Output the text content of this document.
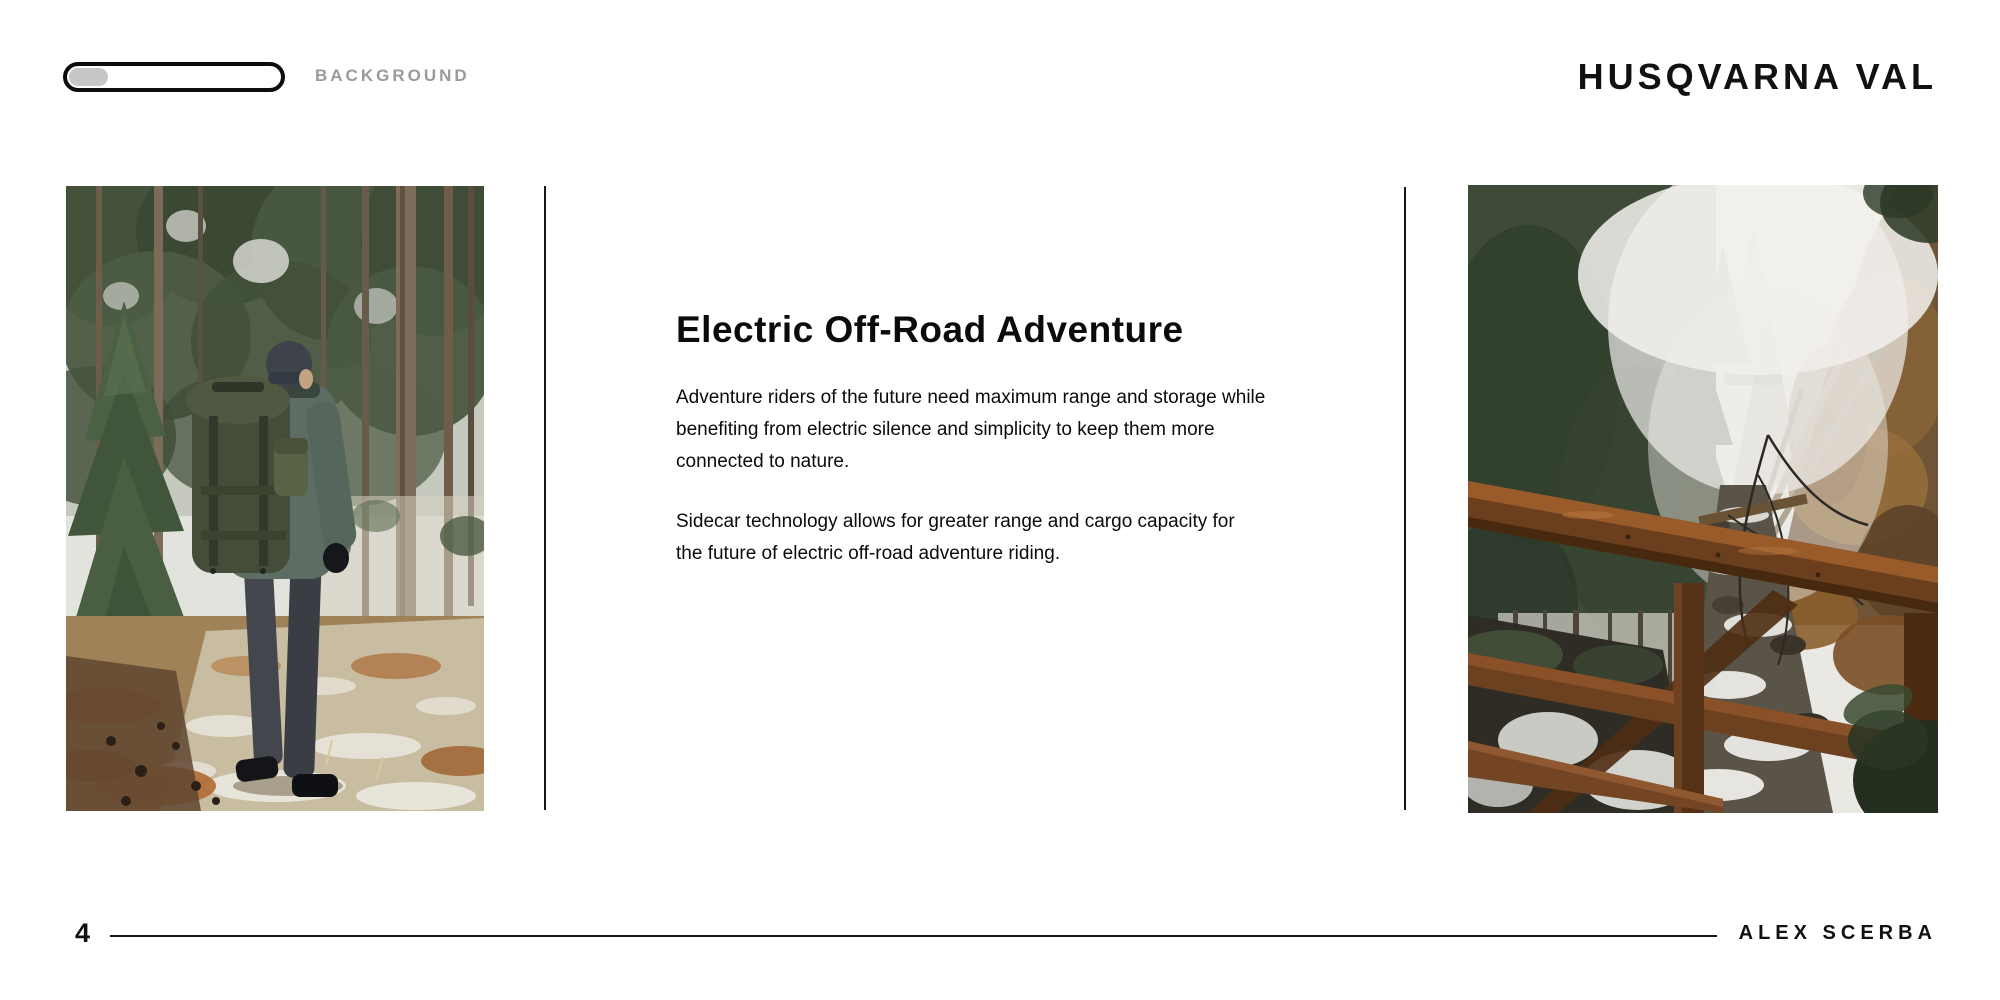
BACKGROUND	HUSQVARNA VAL
Electric Off-Road Adventure

Adventure riders of the future need maximum range and storage while benefiting from electric silence and simplicity to keep them more connected to nature.

Sidecar technology allows for greater range and cargo capacity for the future of electric off-road adventure riding.

4	ALEX SCERBA
